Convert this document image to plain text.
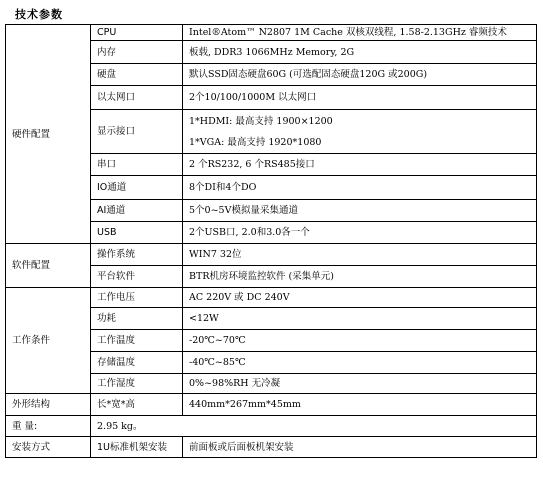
技术参数
硬件配置	CPU	Intel®Atom™ N2807 1M Cache 双核双线程, 1.58-2.13GHz 睿频技术

	内存	板载, DDR3 1066MHz Memory, 2G

	硬盘	默认SSD固态硬盘60G (可选配固态硬盘120G 或200G)

	以太网口	2个10/100/1000M 以太网口

	显示接口	1*HDMI: 最高支持 1900×1200
1*VGA: 最高支持 1920*1080

	串口	2 个RS232, 6 个RS485接口

	IO通道	8个DI和4个DO

	AI通道	5个0~5V模拟量采集通道

	USB	2个USB口, 2.0和3.0各一个

软件配置	操作系统	WIN7 32位

	平台软件	BTR机房环境监控软件 (采集单元)

工作条件	工作电压	AC 220V 或 DC 240V

	功耗	<12W

	工作温度	-20℃~70℃

	存储温度	-40℃~85℃

	工作湿度	0%~98%RH 无冷凝

外形结构	长*宽*高	440mm*267mm*45mm

重 量:	2.95 kg。	

安装方式	1U标准机架安装	前面板或后面板机架安装
